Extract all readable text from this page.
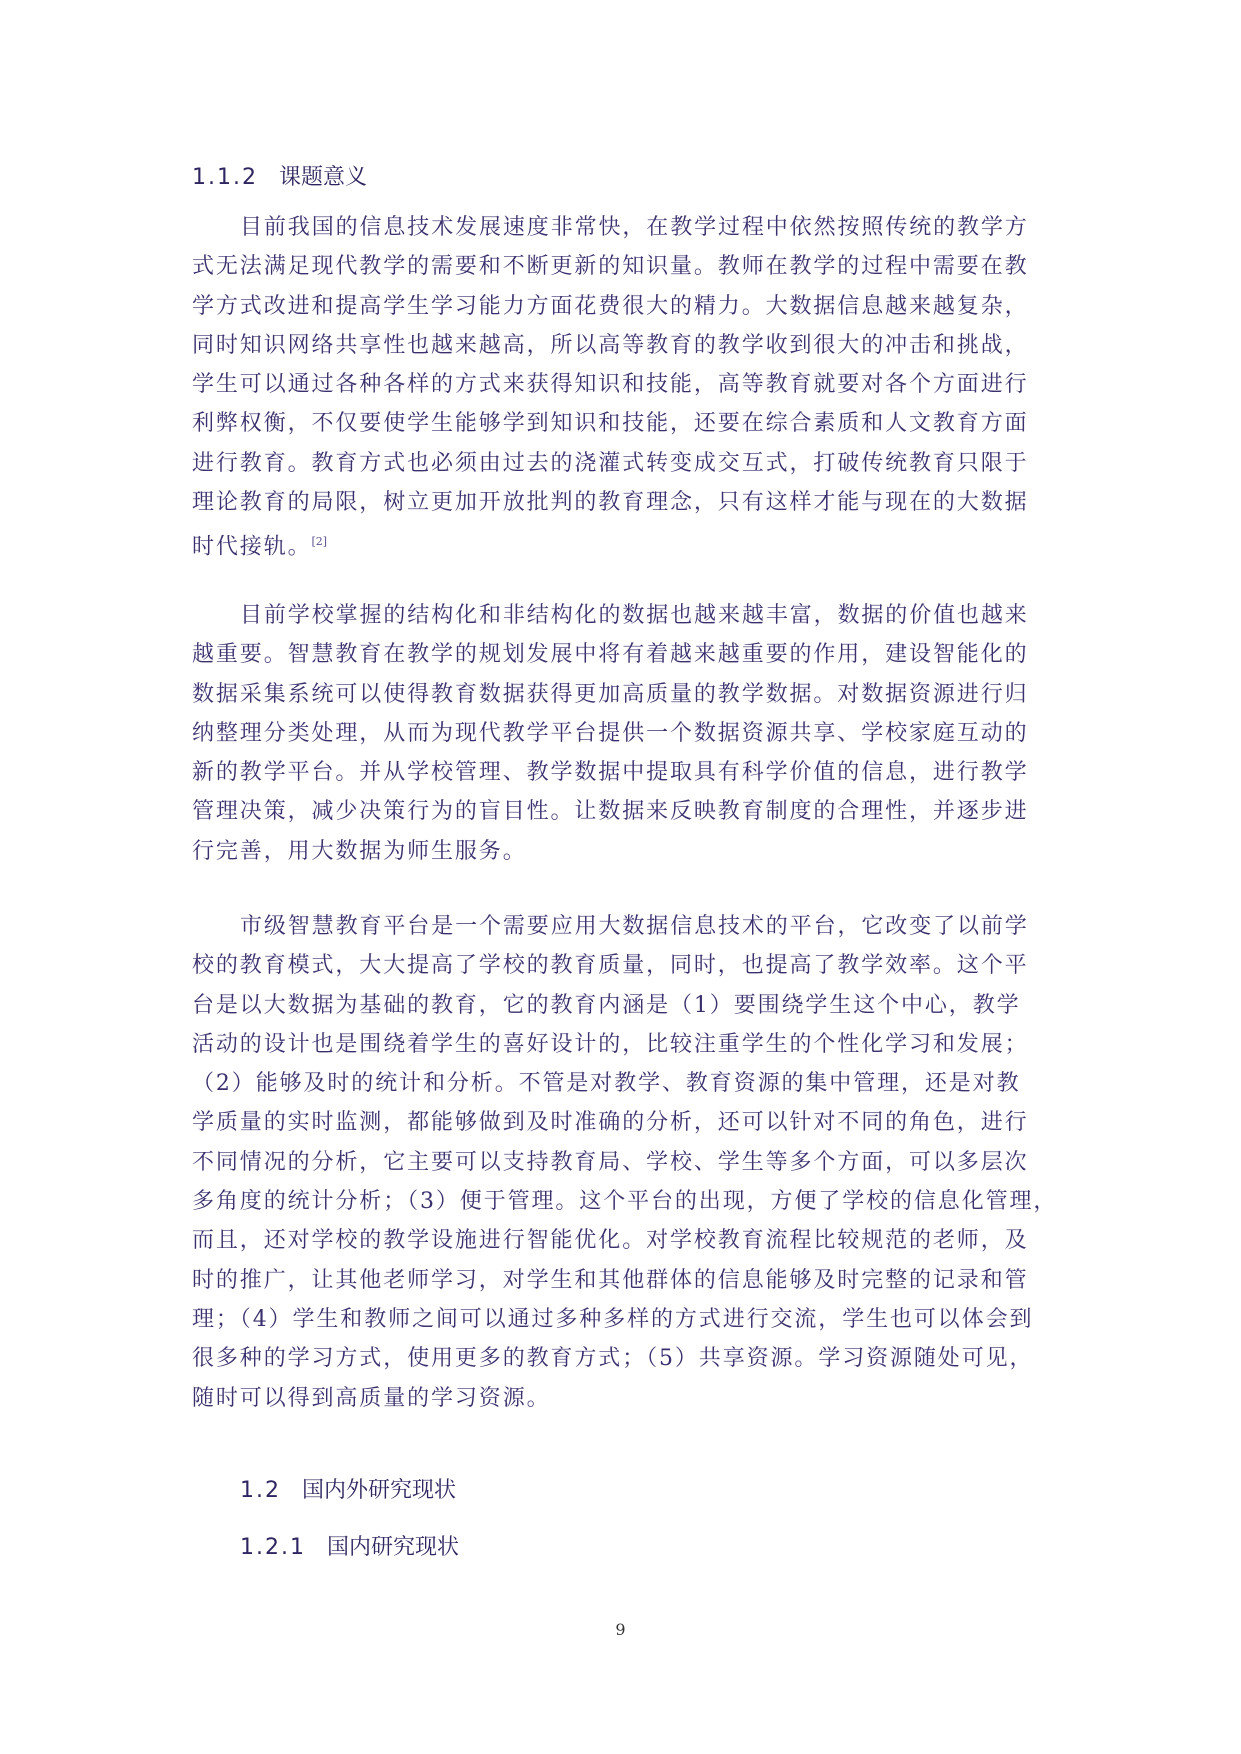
1.1.2 课题意义
目前我国的信息技术发展速度非常快，在教学过程中依然按照传统的教学方
式无法满足现代教学的需要和不断更新的知识量。教师在教学的过程中需要在教
学方式改进和提高学生学习能力方面花费很大的精力。大数据信息越来越复杂，
同时知识网络共享性也越来越高，所以高等教育的教学收到很大的冲击和挑战，
学生可以通过各种各样的方式来获得知识和技能，高等教育就要对各个方面进行
利弊权衡，不仅要使学生能够学到知识和技能，还要在综合素质和人文教育方面
进行教育。教育方式也必须由过去的浇灌式转变成交互式，打破传统教育只限于
理论教育的局限，树立更加开放批判的教育理念，只有这样才能与现在的大数据
时代接轨。[2]
目前学校掌握的结构化和非结构化的数据也越来越丰富，数据的价值也越来
越重要。智慧教育在教学的规划发展中将有着越来越重要的作用，建设智能化的
数据采集系统可以使得教育数据获得更加高质量的教学数据。对数据资源进行归
纳整理分类处理，从而为现代教学平台提供一个数据资源共享、学校家庭互动的
新的教学平台。并从学校管理、教学数据中提取具有科学价值的信息，进行教学
管理决策，减少决策行为的盲目性。让数据来反映教育制度的合理性，并逐步进
行完善，用大数据为师生服务。
市级智慧教育平台是一个需要应用大数据信息技术的平台，它改变了以前学
校的教育模式，大大提高了学校的教育质量，同时，也提高了教学效率。这个平
台是以大数据为基础的教育，它的教育内涵是（1）要围绕学生这个中心，教学
活动的设计也是围绕着学生的喜好设计的，比较注重学生的个性化学习和发展；
（2）能够及时的统计和分析。不管是对教学、教育资源的集中管理，还是对教
学质量的实时监测，都能够做到及时准确的分析，还可以针对不同的角色，进行
不同情况的分析，它主要可以支持教育局、学校、学生等多个方面，可以多层次
多角度的统计分析；（3）便于管理。这个平台的出现，方便了学校的信息化管理，
而且，还对学校的教学设施进行智能优化。对学校教育流程比较规范的老师，及
时的推广，让其他老师学习，对学生和其他群体的信息能够及时完整的记录和管
理；（4）学生和教师之间可以通过多种多样的方式进行交流，学生也可以体会到
很多种的学习方式，使用更多的教育方式；（5）共享资源。学习资源随处可见，
随时可以得到高质量的学习资源。
1.2 国内外研究现状
1.2.1 国内研究现状
9
